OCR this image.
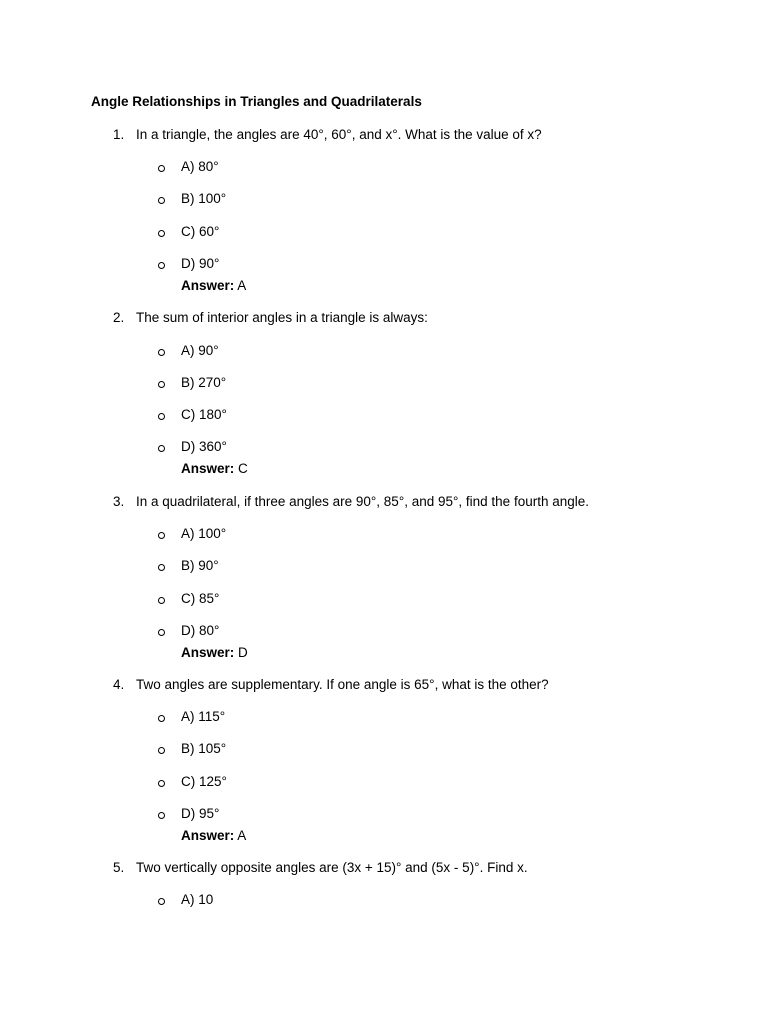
Angle Relationships in Triangles and Quadrilaterals
1. In a triangle, the angles are 40°, 60°, and x°. What is the value of x?
A) 80°
B) 100°
C) 60°
D) 90°
Answer: A
2. The sum of interior angles in a triangle is always:
A) 90°
B) 270°
C) 180°
D) 360°
Answer: C
3. In a quadrilateral, if three angles are 90°, 85°, and 95°, find the fourth angle.
A) 100°
B) 90°
C) 85°
D) 80°
Answer: D
4. Two angles are supplementary. If one angle is 65°, what is the other?
A) 115°
B) 105°
C) 125°
D) 95°
Answer: A
5. Two vertically opposite angles are (3x + 15)° and (5x - 5)°. Find x.
A) 10
